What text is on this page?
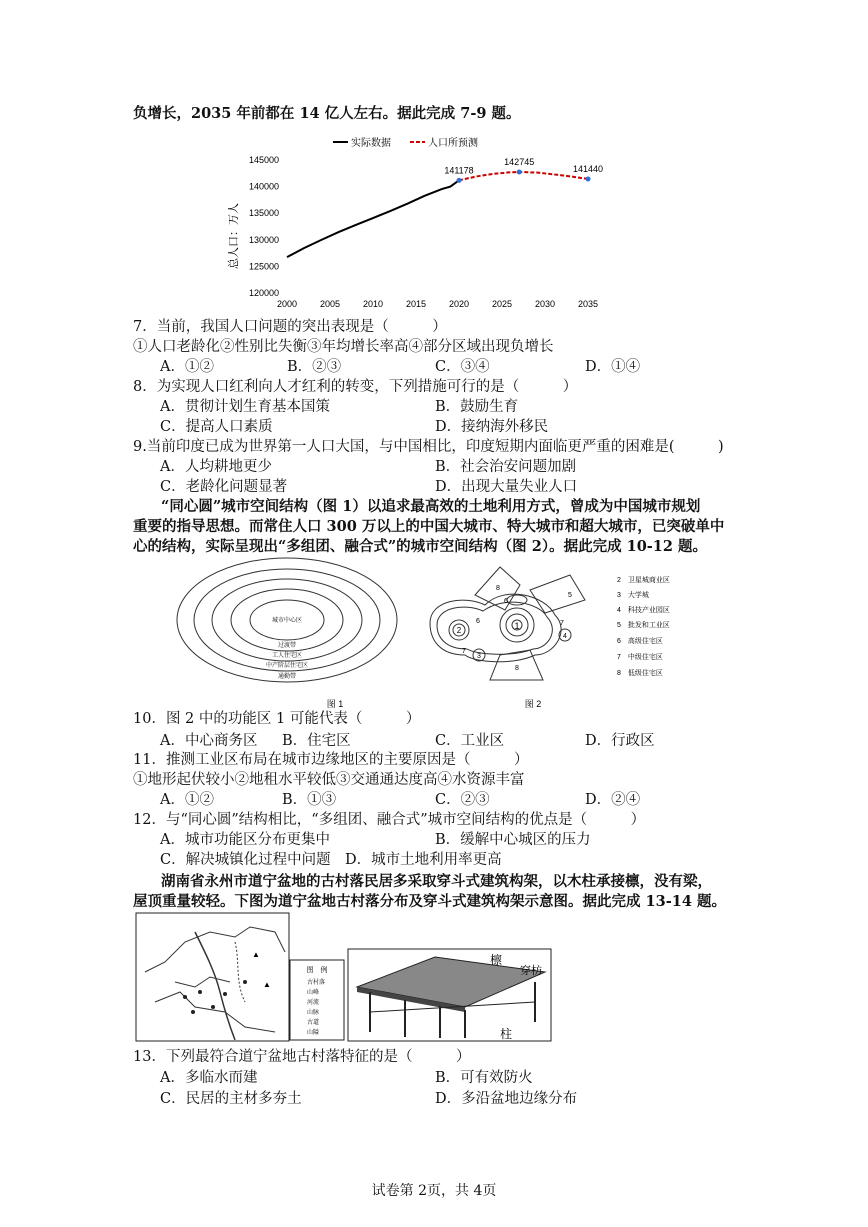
负增长，2035 年前都在 14 亿人左右。据此完成 7-9 题。
实际数据	人口所预测
总人口：万人
145000
140000
135000
130000
125000
120000
2000	2005	2010	2015	2020	2025	2030	2035
141178
142745
141440
7．当前，我国人口问题的突出表现是（　　　）
①人口老龄化②性别比失衡③年均增长率高④部分区域出现负增长
A．①②	B．②③	C．③④	D．①④
8．为实现人口红利向人才红利的转变，下列措施可行的是（　　　）
A．贯彻计划生育基本国策	B．鼓励生育
C．提高人口素质	D．接纳海外移民
9.当前印度已成为世界第一人口大国，与中国相比，印度短期内面临更严重的困难是(　　　)
A．人均耕地更少	B．社会治安问题加剧
C．老龄化问题显著	D．出现大量失业人口
“同心圆”城市空间结构（图 1）以追求最高效的土地利用方式，曾成为中国城市规划
重要的指导思想。而常住人口 300 万以上的中国大城市、特大城市和超大城市，已突破单中
心的结构，实际呈现出“多组团、融合式”的城市空间结构（图 2）。据此完成 10-12 题。
城市中心区
过渡带
工人住宅区
中产阶层住宅区
通勤带
图 1
1
2
3
4
5
6
7
8
8
6
7
图 2
2　卫星城商业区
3　大学城
4　科技产业园区
5　批发和工业区
6　高级住宅区
7　中级住宅区
8　低级住宅区
10．图 2 中的功能区 1 可能代表（　　　）
A．中心商务区 B．住宅区	C．工业区	D．行政区
11．推测工业区布局在城市边缘地区的主要原因是（　　　）
①地形起伏较小②地租水平较低③交通通达度高④水资源丰富
A．①②	B．①③	C．②③	D．②④
12．与“同心圆”结构相比，“多组团、融合式”城市空间结构的优点是（　　　）
A．城市功能区分布更集中	B．缓解中心城区的压力
C．解决城镇化过程中问题 D．城市土地利用率更高
湖南省永州市道宁盆地的古村落民居多采取穿斗式建筑构架，以木柱承接檩，没有梁，
屋顶重量较轻。下图为道宁盆地古村落分布及穿斗式建筑构架示意图。据此完成 13-14 题。
▲
▲
图　例
古村落
山峰
河流
山脉
古道
山隘
檩
穿枋
柱
13．下列最符合道宁盆地古村落特征的是（　　　）
A．多临水而建	B．可有效防火
C．民居的主材多夯土	D．多沿盆地边缘分布
试卷第 2页，共 4页
